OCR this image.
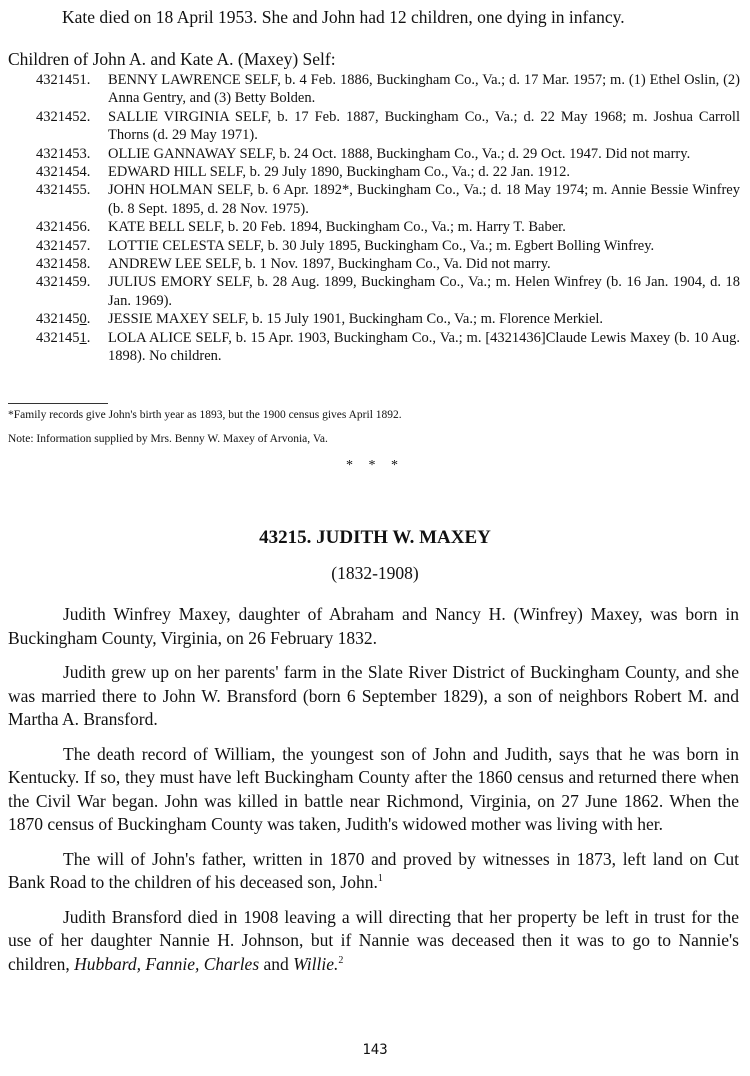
Kate died on 18 April 1953. She and John had 12 children, one dying in infancy.

Children of John A. and Kate A. (Maxey) Self:

4321451.	BENNY LAWRENCE SELF, b. 4 Feb. 1886, Buckingham Co., Va.; d. 17 Mar. 1957; m. (1) Ethel Oslin, (2) Anna Gentry, and (3) Betty Bolden.
4321452.	SALLIE VIRGINIA SELF, b. 17 Feb. 1887, Buckingham Co., Va.; d. 22 May 1968; m. Joshua Carroll Thorns (d. 29 May 1971).
4321453.	OLLIE GANNAWAY SELF, b. 24 Oct. 1888, Buckingham Co., Va.; d. 29 Oct. 1947. Did not marry.
4321454.	EDWARD HILL SELF, b. 29 July 1890, Buckingham Co., Va.; d. 22 Jan. 1912.
4321455.	JOHN HOLMAN SELF, b. 6 Apr. 1892*, Buckingham Co., Va.; d. 18 May 1974; m. Annie Bessie Winfrey (b. 8 Sept. 1895, d. 28 Nov. 1975).
4321456.	KATE BELL SELF, b. 20 Feb. 1894, Buckingham Co., Va.; m. Harry T. Baber.
4321457.	LOTTIE CELESTA SELF, b. 30 July 1895, Buckingham Co., Va.; m. Egbert Bolling Winfrey.
4321458.	ANDREW LEE SELF, b. 1 Nov. 1897, Buckingham Co., Va. Did not marry.
4321459.	JULIUS EMORY SELF, b. 28 Aug. 1899, Buckingham Co., Va.; m. Helen Winfrey (b. 16 Jan. 1904, d. 18 Jan. 1969).
4321450.	JESSIE MAXEY SELF, b. 15 July 1901, Buckingham Co., Va.; m. Florence Merkiel.
4321451.	LOLA ALICE SELF, b. 15 Apr. 1903, Buckingham Co., Va.; m. [4321436]Claude Lewis Maxey (b. 10 Aug. 1898). No children.

*Family records give John's birth year as 1893, but the 1900 census gives April 1892.

Note: Information supplied by Mrs. Benny W. Maxey of Arvonia, Va.

* * *

43215. JUDITH W. MAXEY

(1832-1908)

Judith Winfrey Maxey, daughter of Abraham and Nancy H. (Winfrey) Maxey, was born in Buckingham County, Virginia, on 26 February 1832.

Judith grew up on her parents' farm in the Slate River District of Buckingham County, and she was married there to John W. Bransford (born 6 September 1829), a son of neighbors Robert M. and Martha A. Bransford.

The death record of William, the youngest son of John and Judith, says that he was born in Kentucky. If so, they must have left Buckingham County after the 1860 census and returned there when the Civil War began. John was killed in battle near Richmond, Virginia, on 27 June 1862. When the 1870 census of Buckingham County was taken, Judith's widowed mother was living with her.

The will of John's father, written in 1870 and proved by witnesses in 1873, left land on Cut Bank Road to the children of his deceased son, John.$^1$

Judith Bransford died in 1908 leaving a will directing that her property be left in trust for the use of her daughter Nannie H. Johnson, but if Nannie was deceased then it was to go to Nannie's children, Hubbard, Fannie, Charles and Willie.$^2$

143
